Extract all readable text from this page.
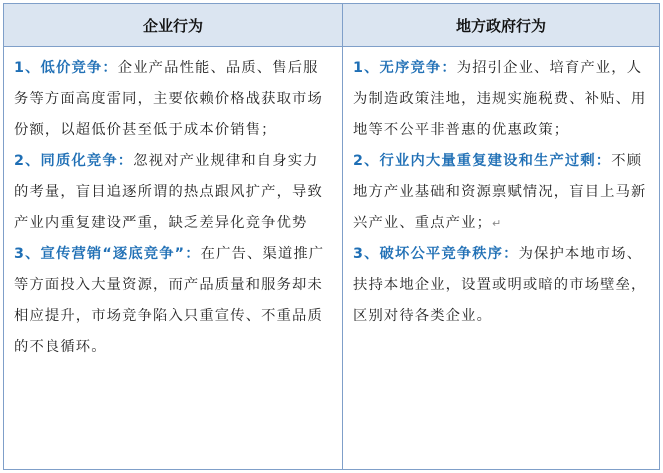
企业行为	地方政府行为
1、低价竞争：企业产品性能、品质、售后服务等方面高度雷同，主要依赖价格战获取市场份额，以超低价甚至低于成本价销售；
2、同质化竞争：忽视对产业规律和自身实力的考量，盲目追逐所谓的热点跟风扩产，导致产业内重复建设严重，缺乏差异化竞争优势
3、宣传营销“逐底竞争”：在广告、渠道推广等方面投入大量资源，而产品质量和服务却未相应提升，市场竞争陷入只重宣传、不重品质的不良循环。
1、无序竞争：为招引企业、培育产业，人为制造政策洼地，违规实施税费、补贴、用地等不公平非普惠的优惠政策；
2、行业内大量重复建设和生产过剩：不顾地方产业基础和资源禀赋情况，盲目上马新兴产业、重点产业；↵
3、破坏公平竞争秩序：为保护本地市场、扶持本地企业，设置或明或暗的市场壁垒，区别对待各类企业。
